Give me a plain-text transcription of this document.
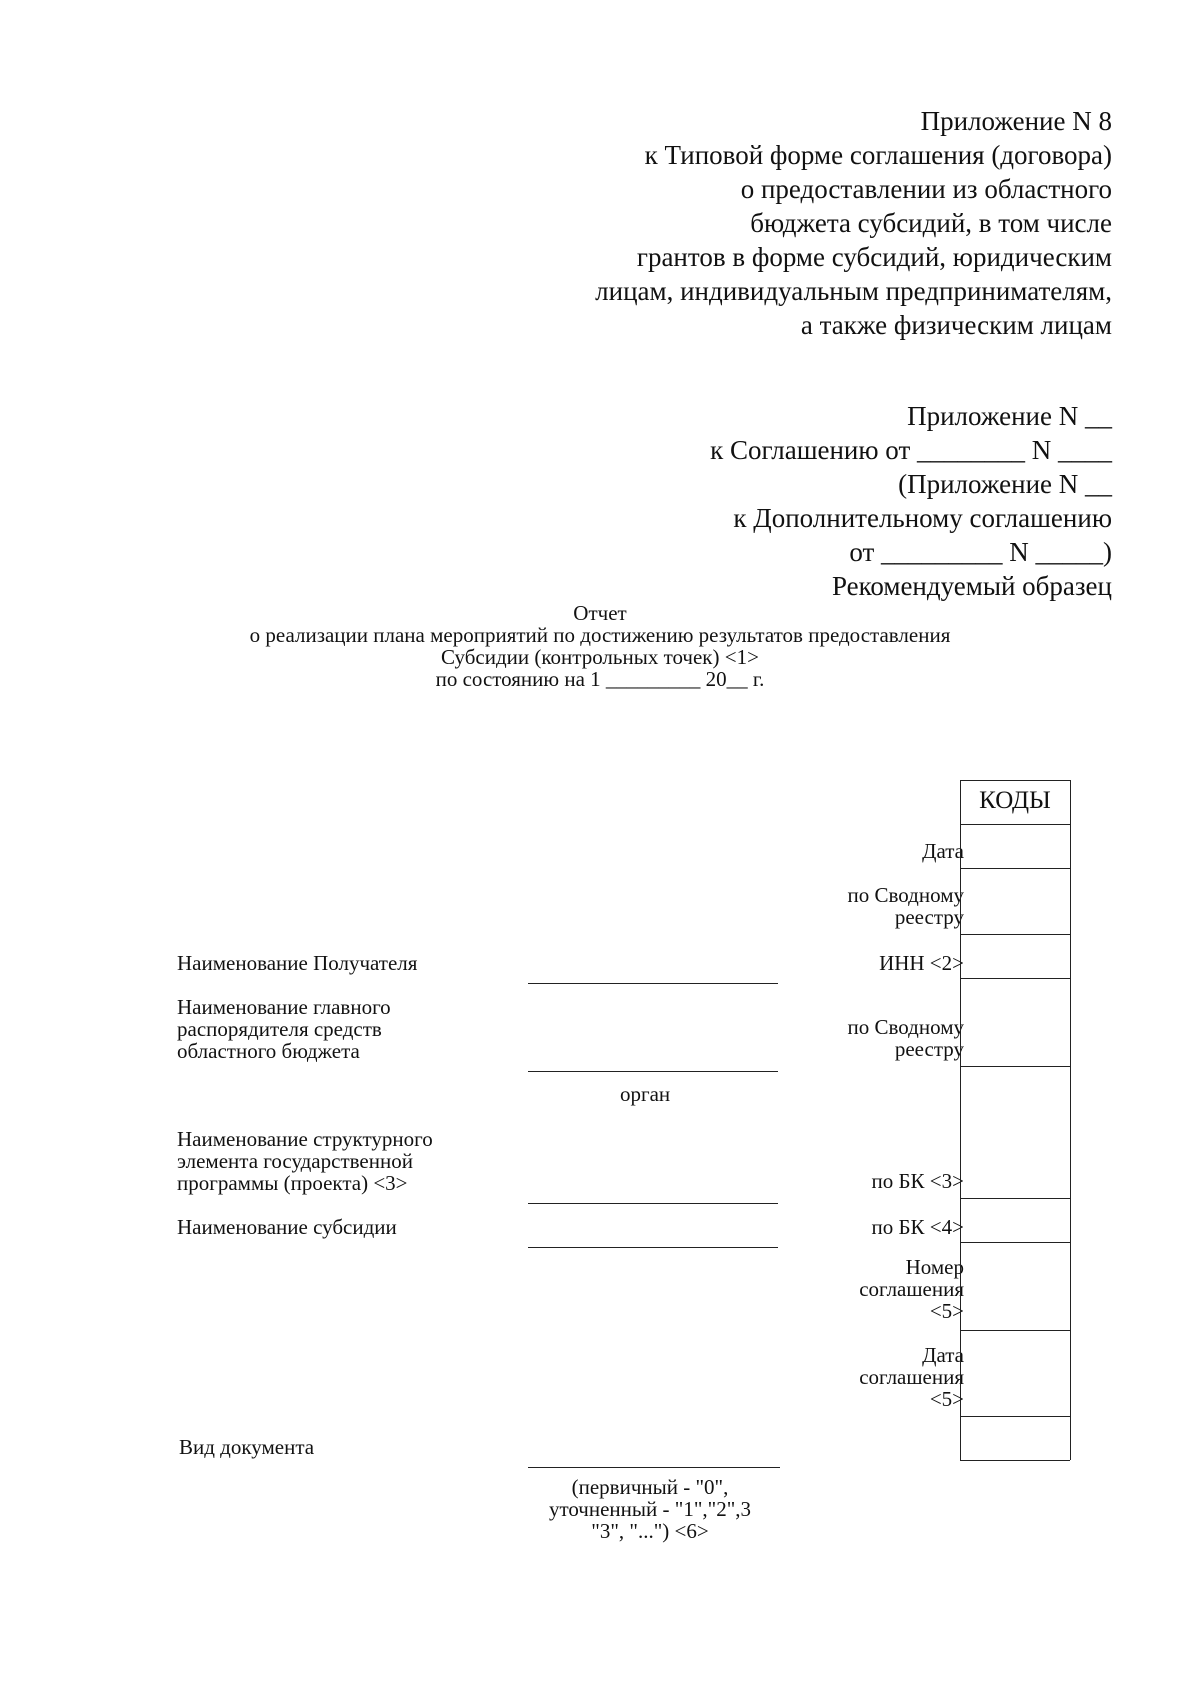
Приложение N 8
к Типовой форме соглашения (договора)
о предоставлении из областного
бюджета субсидий, в том числе
грантов в форме субсидий, юридическим
лицам, индивидуальным предпринимателям,
а также физическим лицам
Приложение N __
к Соглашению от ________ N ____
(Приложение N __
к Дополнительному соглашению
от _________ N _____)
Рекомендуемый образец
Отчет
о реализации плана мероприятий по достижению результатов предоставления
Субсидии (контрольных точек) <1>
по состоянию на 1 _________ 20__ г.
Наименование Получателя
Наименование главного
распорядителя средств
областного бюджета
орган
Наименование структурного
элемента государственной
программы (проекта) <3>
Наименование субсидии
Вид документа
(первичный - "0",
уточненный - "1","2",3
"3", "...") <6>
Дата
по Сводному
реестру
ИНН <2>
по Сводному
реестру
по БК <3>
по БК <4>
Номер
соглашения
<5>
Дата
соглашения
<5>
КОДЫ
